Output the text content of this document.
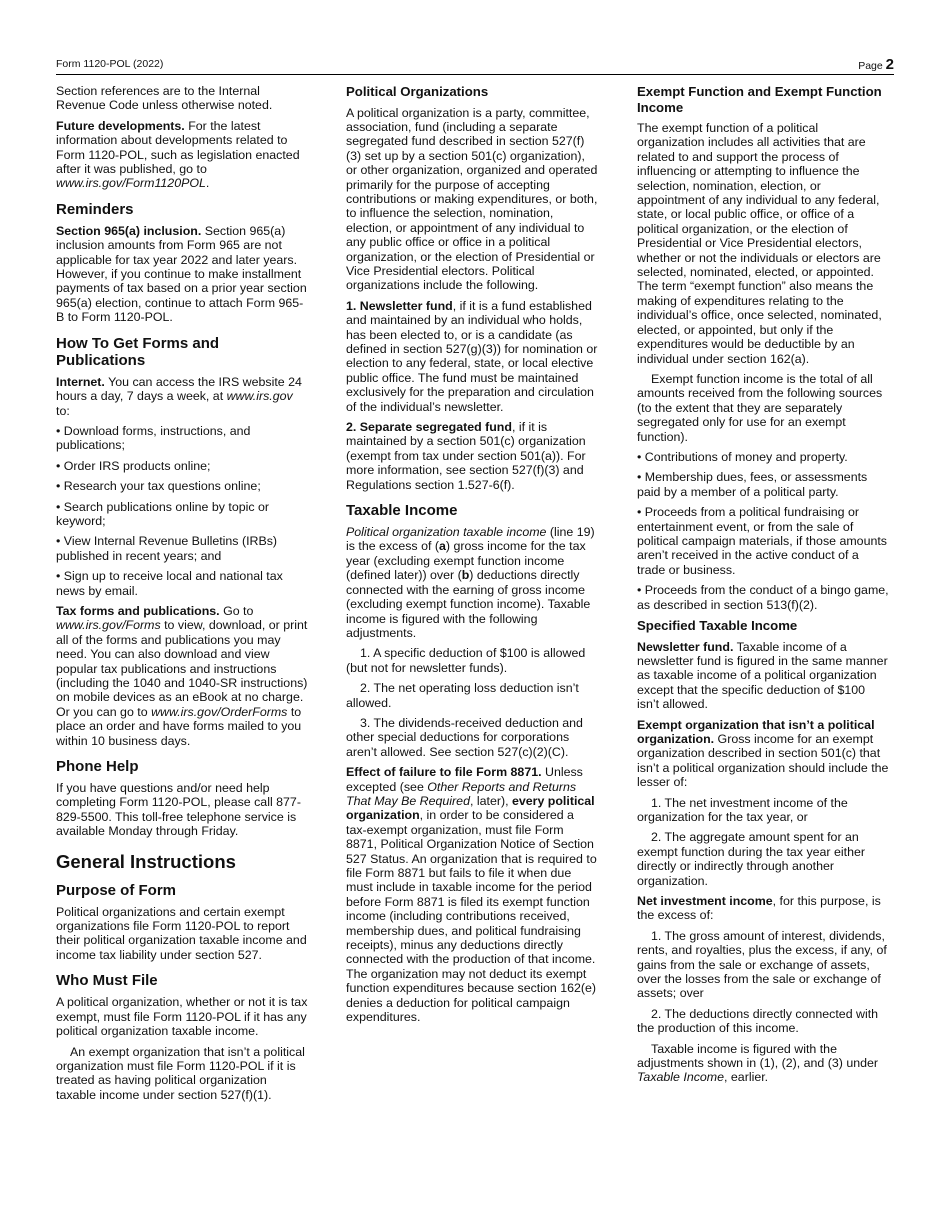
Form 1120-POL (2022)	Page 2

Section references are to the Internal Revenue Code unless otherwise noted.

Future developments. For the latest information about developments related to Form 1120-POL, such as legislation enacted after it was published, go to www.irs.gov/Form1120POL.

Reminders

Section 965(a) inclusion. Section 965(a) inclusion amounts from Form 965 are not applicable for tax year 2022 and later years. However, if you continue to make installment payments of tax based on a prior year section 965(a) election, continue to attach Form 965-B to Form 1120-POL.

How To Get Forms and Publications

Internet. You can access the IRS website 24 hours a day, 7 days a week, at www.irs.gov to:

• Download forms, instructions, and publications;

• Order IRS products online;

• Research your tax questions online;

• Search publications online by topic or keyword;

• View Internal Revenue Bulletins (IRBs) published in recent years; and

• Sign up to receive local and national tax news by email.

Tax forms and publications. Go to www.irs.gov/Forms to view, download, or print all of the forms and publications you may need. You can also download and view popular tax publications and instructions (including the 1040 and 1040-SR instructions) on mobile devices as an eBook at no charge. Or you can go to www.irs.gov/OrderForms to place an order and have forms mailed to you within 10 business days.

Phone Help

If you have questions and/or need help completing Form 1120-POL, please call 877-829-5500. This toll-free telephone service is available Monday through Friday.

General Instructions
Purpose of Form

Political organizations and certain exempt organizations file Form 1120-POL to report their political organization taxable income and income tax liability under section 527.

Who Must File

A political organization, whether or not it is tax exempt, must file Form 1120-POL if it has any political organization taxable income.

An exempt organization that isn’t a political organization must file Form 1120-POL if it is treated as having political organization taxable income under section 527(f)(1).

Political Organizations

A political organization is a party, committee, association, fund (including a separate segregated fund described in section 527(f)(3) set up by a section 501(c) organization), or other organization, organized and operated primarily for the purpose of accepting contributions or making expenditures, or both, to influence the selection, nomination, election, or appointment of any individual to any public office or office in a political organization, or the election of Presidential or Vice Presidential electors. Political organizations include the following.

1. Newsletter fund, if it is a fund established and maintained by an individual who holds, has been elected to, or is a candidate (as defined in section 527(g)(3)) for nomination or election to any federal, state, or local elective public office. The fund must be maintained exclusively for the preparation and circulation of the individual’s newsletter.

2. Separate segregated fund, if it is maintained by a section 501(c) organization (exempt from tax under section 501(a)). For more information, see section 527(f)(3) and Regulations section 1.527-6(f).

Taxable Income

Political organization taxable income (line 19) is the excess of (a) gross income for the tax year (excluding exempt function income (defined later)) over (b) deductions directly connected with the earning of gross income (excluding exempt function income). Taxable income is figured with the following adjustments.

1. A specific deduction of $100 is allowed (but not for newsletter funds).

2. The net operating loss deduction isn’t allowed.

3. The dividends-received deduction and other special deductions for corporations aren’t allowed. See section 527(c)(2)(C).

Effect of failure to file Form 8871. Unless excepted (see Other Reports and Returns That May Be Required, later), every political organization, in order to be considered a tax-exempt organization, must file Form 8871, Political Organization Notice of Section 527 Status. An organization that is required to file Form 8871 but fails to file it when due must include in taxable income for the period before Form 8871 is filed its exempt function income (including contributions received, membership dues, and political fundraising receipts), minus any deductions directly connected with the production of that income. The organization may not deduct its exempt function expenditures because section 162(e) denies a deduction for political campaign expenditures.

Exempt Function and Exempt Function Income

The exempt function of a political organization includes all activities that are related to and support the process of influencing or attempting to influence the selection, nomination, election, or appointment of any individual to any federal, state, or local public office, or office of a political organization, or the election of Presidential or Vice Presidential electors, whether or not the individuals or electors are selected, nominated, elected, or appointed. The term “exempt function” also means the making of expenditures relating to the individual’s office, once selected, nominated, elected, or appointed, but only if the expenditures would be deductible by an individual under section 162(a).

Exempt function income is the total of all amounts received from the following sources (to the extent that they are separately segregated only for use for an exempt function).

• Contributions of money and property.

• Membership dues, fees, or assessments paid by a member of a political party.

• Proceeds from a political fundraising or entertainment event, or from the sale of political campaign materials, if those amounts aren’t received in the active conduct of a trade or business.

• Proceeds from the conduct of a bingo game, as described in section 513(f)(2).

Specified Taxable Income

Newsletter fund. Taxable income of a newsletter fund is figured in the same manner as taxable income of a political organization except that the specific deduction of $100 isn’t allowed.

Exempt organization that isn’t a political organization. Gross income for an exempt organization described in section 501(c) that isn’t a political organization should include the lesser of:

1. The net investment income of the organization for the tax year, or

2. The aggregate amount spent for an exempt function during the tax year either directly or indirectly through another organization.

Net investment income, for this purpose, is the excess of:

1. The gross amount of interest, dividends, rents, and royalties, plus the excess, if any, of gains from the sale or exchange of assets, over the losses from the sale or exchange of assets; over

2. The deductions directly connected with the production of this income.

Taxable income is figured with the adjustments shown in (1), (2), and (3) under Taxable Income, earlier.
